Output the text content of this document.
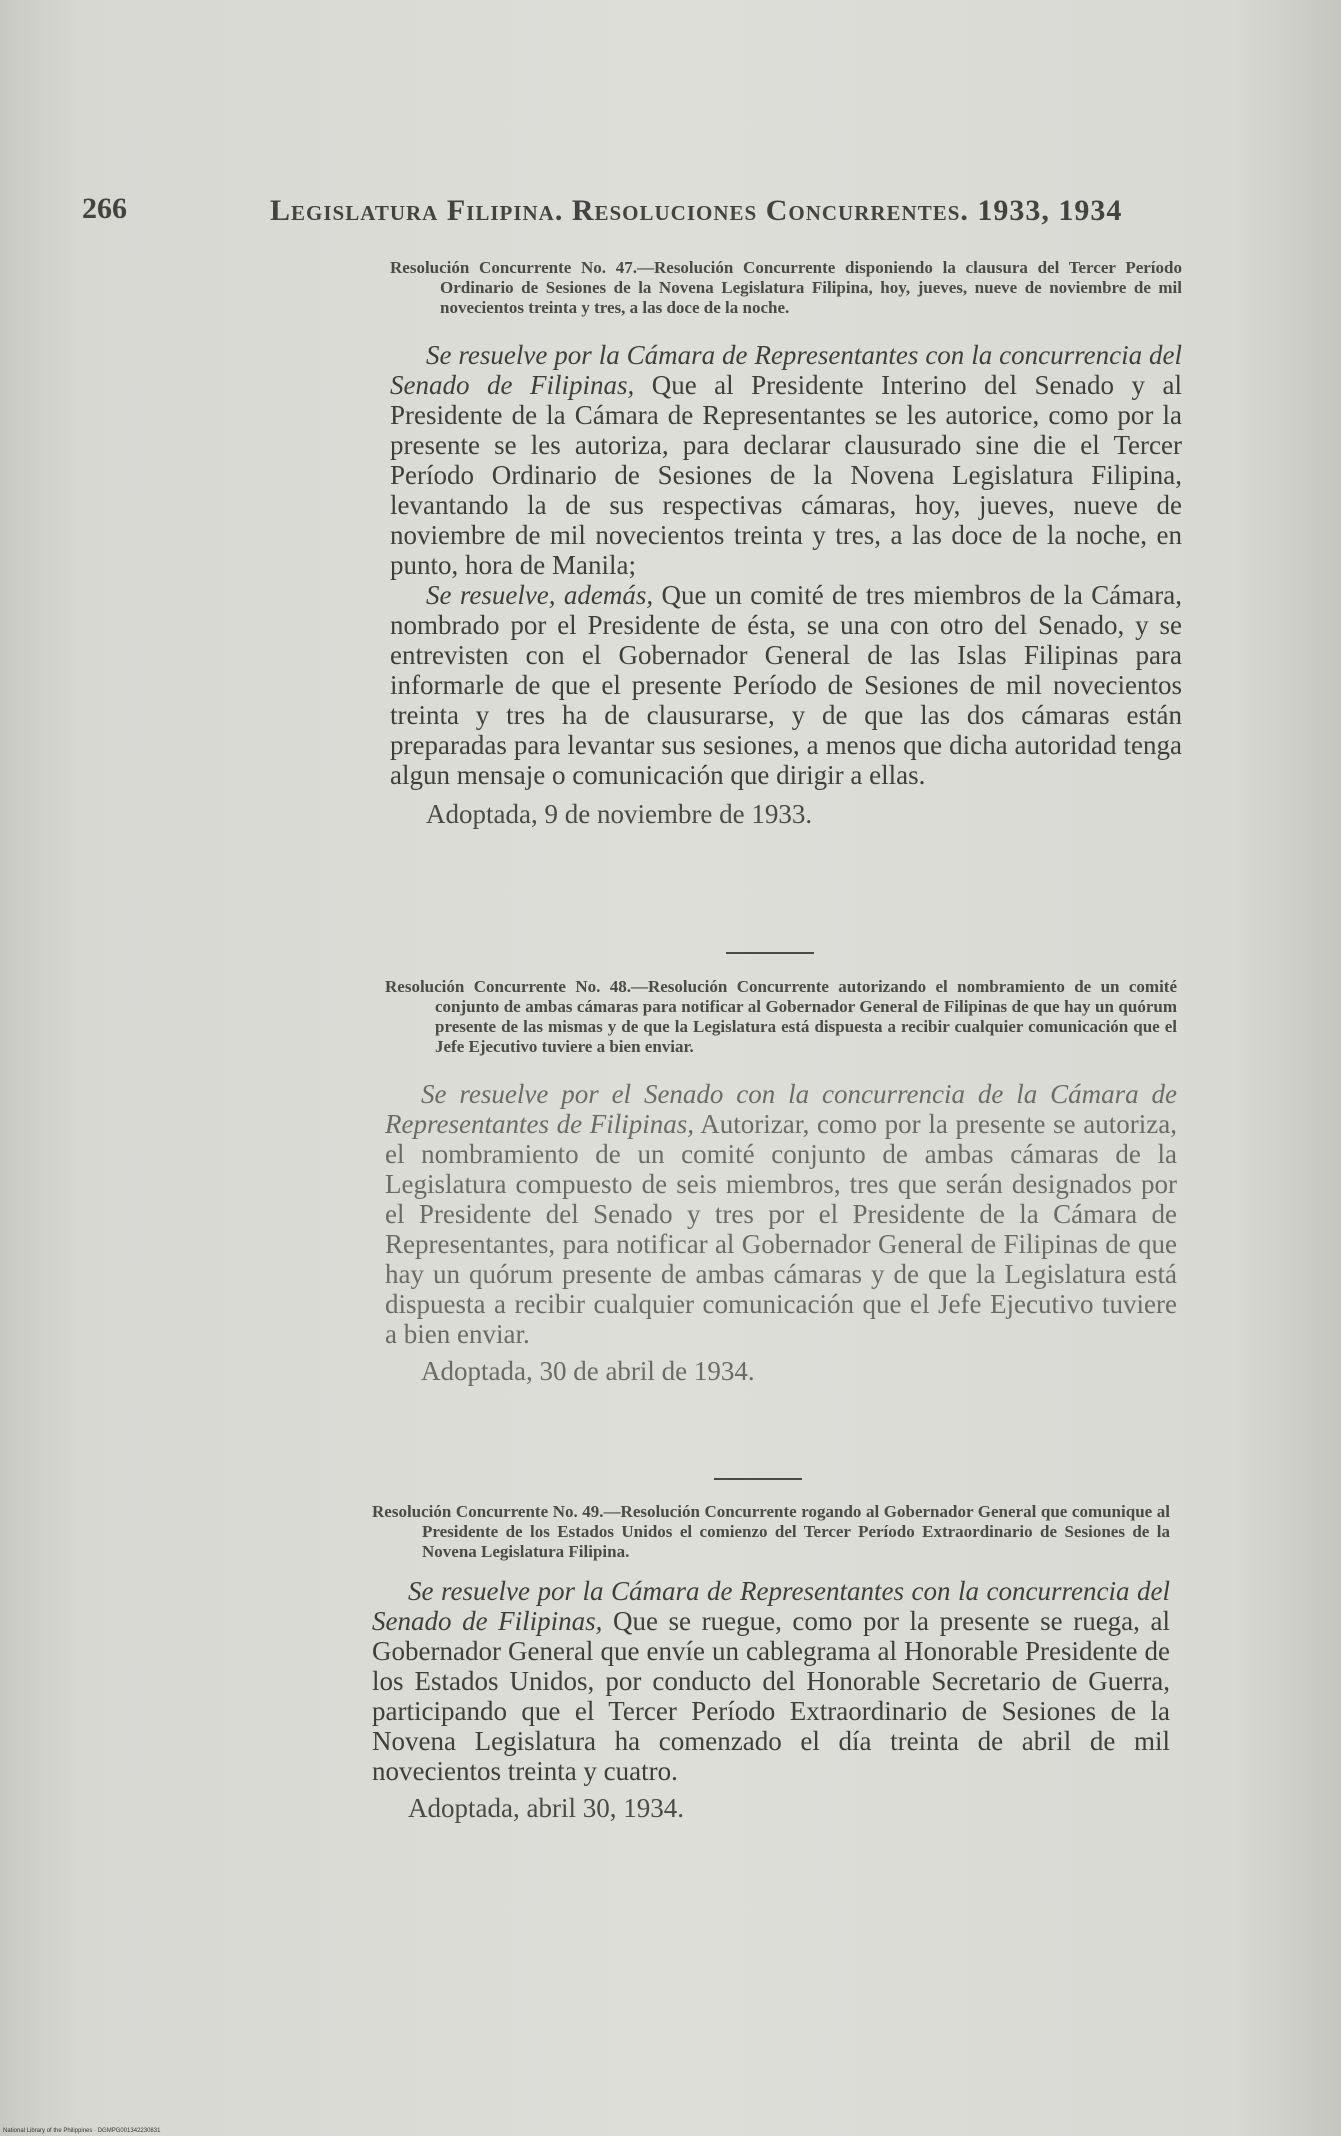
266	Legislatura Filipina. Resoluciones Concurrentes. 1933, 1934
Resolución Concurrente No. 47.—Resolución Concurrente disponiendo la clausura del Tercer Período Ordinario de Sesiones de la Novena Legislatura Filipina, hoy, jueves, nueve de noviembre de mil novecientos treinta y tres, a las doce de la noche.

Se resuelve por la Cámara de Representantes con la concurrencia del Senado de Filipinas, Que al Presidente Interino del Senado y al Presidente de la Cámara de Representantes se les autorice, como por la presente se les autoriza, para declarar clausurado sine die el Tercer Período Ordinario de Sesiones de la Novena Legislatura Filipina, levantando la de sus respectivas cámaras, hoy, jueves, nueve de noviembre de mil novecientos treinta y tres, a las doce de la noche, en punto, hora de Manila;

Se resuelve, además, Que un comité de tres miembros de la Cámara, nombrado por el Presidente de ésta, se una con otro del Senado, y se entrevisten con el Gobernador General de las Islas Filipinas para informarle de que el presente Período de Sesiones de mil novecientos treinta y tres ha de clausurarse, y de que las dos cámaras están preparadas para levantar sus sesiones, a menos que dicha autoridad tenga algun mensaje o comunicación que dirigir a ellas.

Adoptada, 9 de noviembre de 1933.
Resolución Concurrente No. 48.—Resolución Concurrente autorizando el nombramiento de un comité conjunto de ambas cámaras para notificar al Gobernador General de Filipinas de que hay un quórum presente de las mismas y de que la Legislatura está dispuesta a recibir cualquier comunicación que el Jefe Ejecutivo tuviere a bien enviar.

Se resuelve por el Senado con la concurrencia de la Cámara de Representantes de Filipinas, Autorizar, como por la presente se autoriza, el nombramiento de un comité conjunto de ambas cámaras de la Legislatura compuesto de seis miembros, tres que serán designados por el Presidente del Senado y tres por el Presidente de la Cámara de Representantes, para notificar al Gobernador General de Filipinas de que hay un quórum presente de ambas cámaras y de que la Legislatura está dispuesta a recibir cualquier comunicación que el Jefe Ejecutivo tuviere a bien enviar.

Adoptada, 30 de abril de 1934.
Resolución Concurrente No. 49.—Resolución Concurrente rogando al Gobernador General que comunique al Presidente de los Estados Unidos el comienzo del Tercer Período Extraordinario de Sesiones de la Novena Legislatura Filipina.

Se resuelve por la Cámara de Representantes con la concurrencia del Senado de Filipinas, Que se ruegue, como por la presente se ruega, al Gobernador General que envíe un cablegrama al Honorable Presidente de los Estados Unidos, por conducto del Honorable Secretario de Guerra, participando que el Tercer Período Extraordinario de Sesiones de la Novena Legislatura ha comenzado el día treinta de abril de mil novecientos treinta y cuatro.

Adoptada, abril 30, 1934.
National Library of the Philippines · DGMPG001342230831
